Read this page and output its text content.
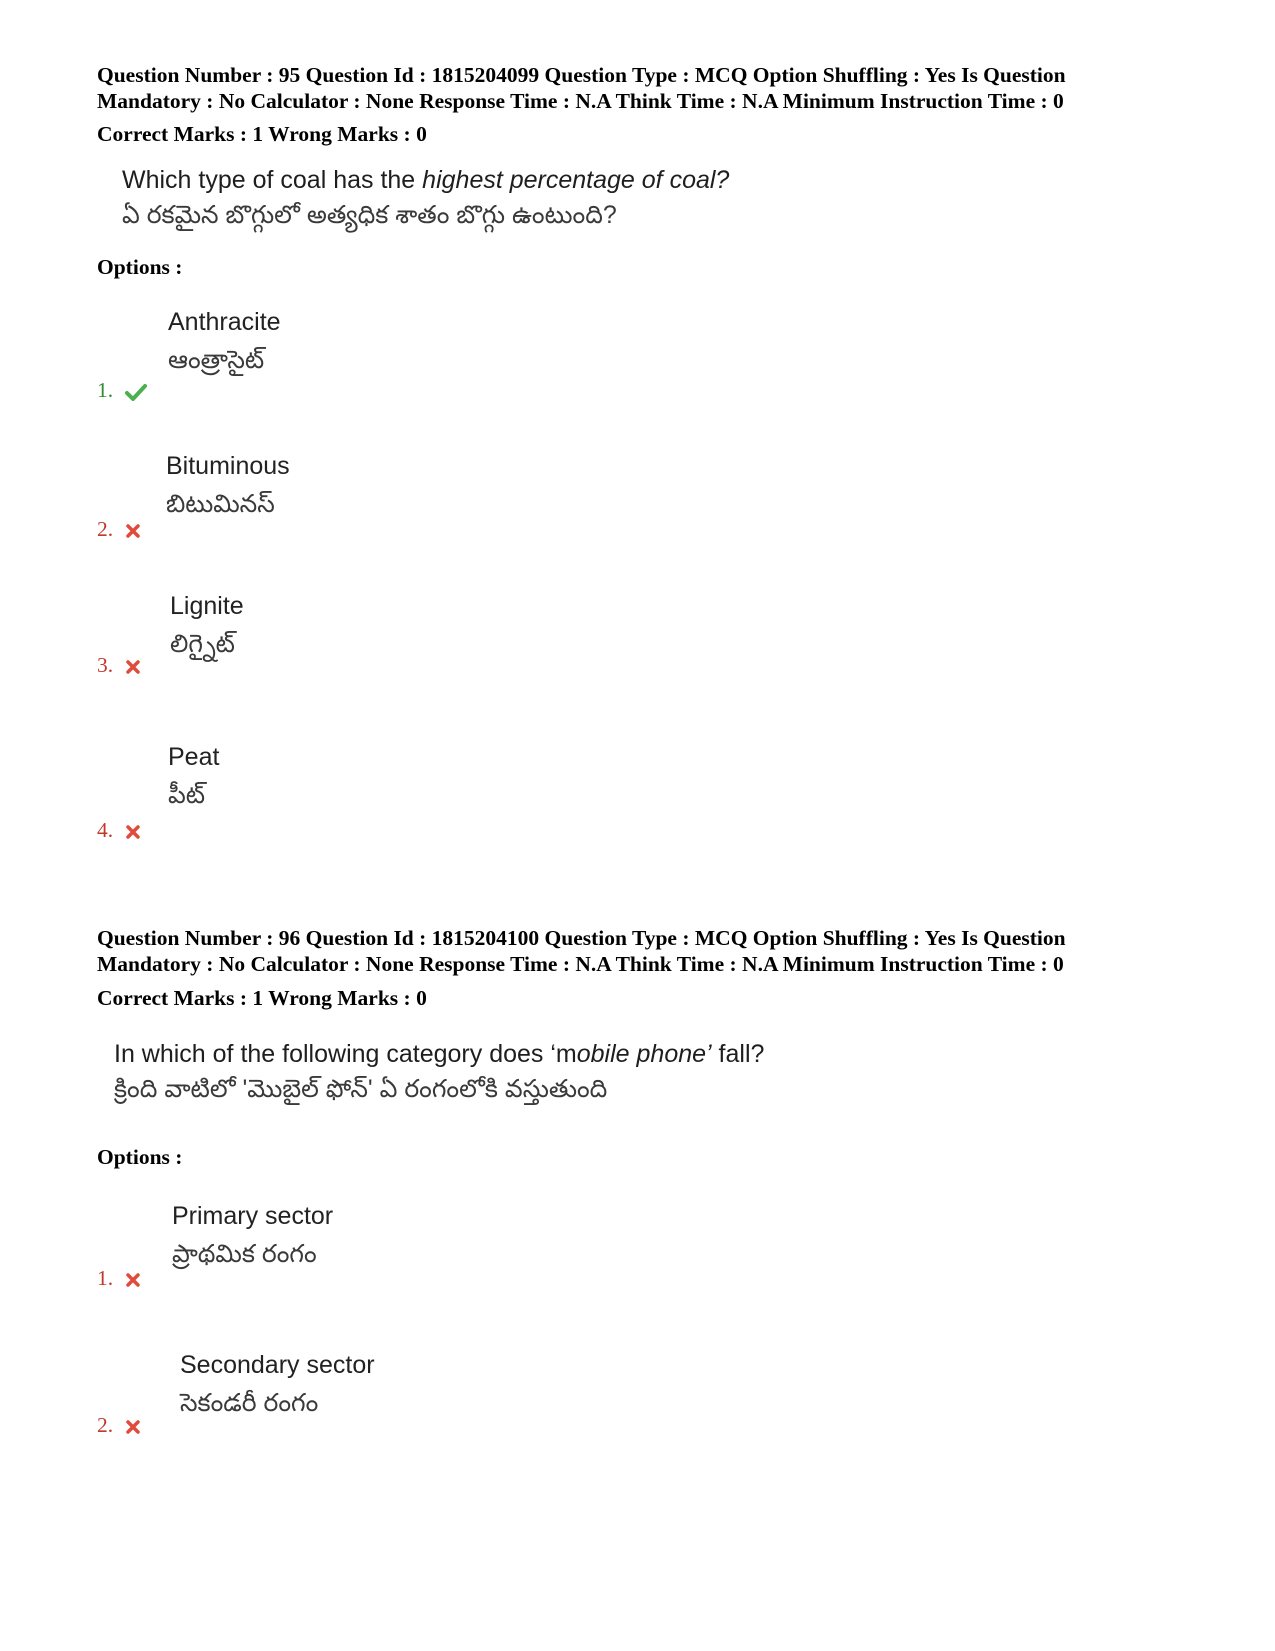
Question Number : 95 Question Id : 1815204099 Question Type : MCQ Option Shuffling : Yes Is Question
Mandatory : No Calculator : None Response Time : N.A Think Time : N.A Minimum Instruction Time : 0

Correct Marks : 1 Wrong Marks : 0

Which type of coal has the highest percentage of coal?
ఏ రకమైన బొగ్గులో అత్యధిక శాతం బొగ్గు ఉంటుంది?

Options :

Anthracite
ఆంత్రాసైట్

1.

Bituminous
బిటుమినస్

2.

Lignite
లిగ్నైట్

3.

Peat
పీట్

4.

Question Number : 96 Question Id : 1815204100 Question Type : MCQ Option Shuffling : Yes Is Question
Mandatory : No Calculator : None Response Time : N.A Think Time : N.A Minimum Instruction Time : 0

Correct Marks : 1 Wrong Marks : 0

In which of the following category does ‘mobile phone’ fall?
క్రింది వాటిలో 'మొబైల్ ఫోన్' ఏ రంగంలోకి వస్తుతుంది

Options :

Primary sector
ప్రాథమిక రంగం

1.

Secondary sector
సెకండరీ రంగం

2.
